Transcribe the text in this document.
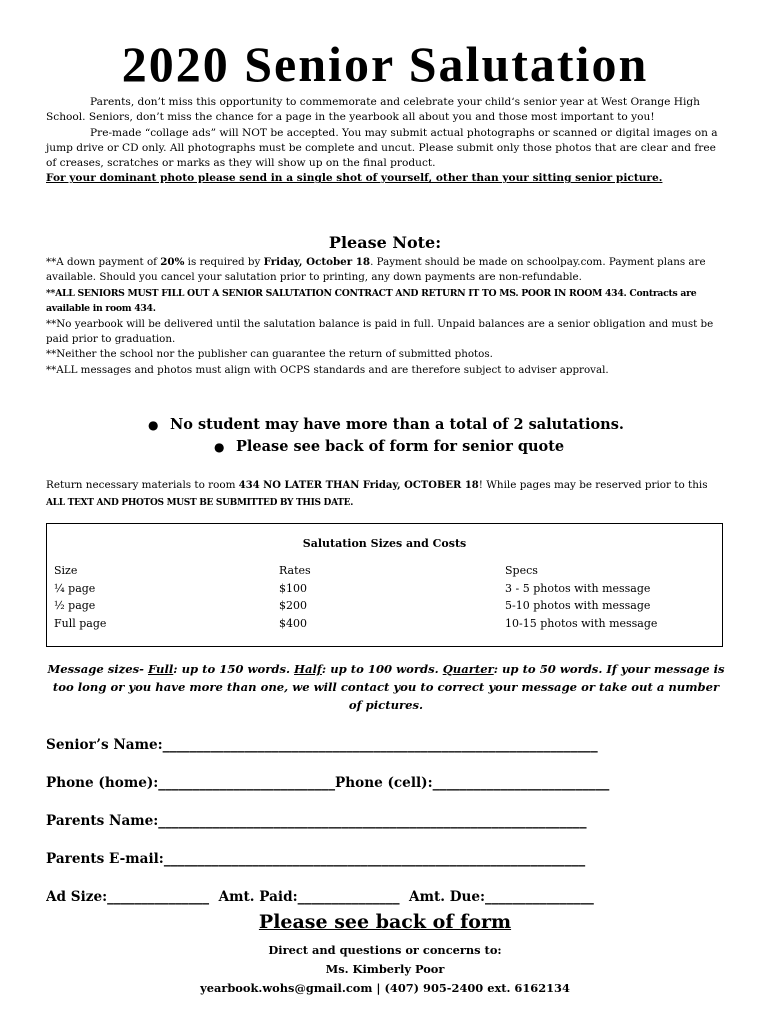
2020 Senior Salutation

Parents, don’t miss this opportunity to commemorate and celebrate your child‘s senior year at West Orange High School. Seniors, don’t miss the chance for a page in the yearbook all about you and those most important to you!

Pre-made “collage ads” will NOT be accepted. You may submit actual photographs or scanned or digital images on a jump drive or CD only. All photographs must be complete and uncut. Please submit only those photos that are clear and free of creases, scratches or marks as they will show up on the final product.

For your dominant photo please send in a single shot of yourself, other than your sitting senior picture.

Please Note:

**A down payment of 20% is required by Friday, October 18. Payment should be made on schoolpay.com. Payment plans are available. Should you cancel your salutation prior to printing, any down payments are non-refundable.

**ALL SENIORS MUST FILL OUT A SENIOR SALUTATION CONTRACT AND RETURN IT TO MS. POOR IN ROOM 434. Contracts are available in room 434.

**No yearbook will be delivered until the salutation balance is paid in full. Unpaid balances are a senior obligation and must be paid prior to graduation.

**Neither the school nor the publisher can guarantee the return of submitted photos.

**ALL messages and photos must align with OCPS standards and are therefore subject to adviser approval.

● No student may have more than a total of 2 salutations.
● Please see back of form for senior quote

Return necessary materials to room 434 NO LATER THAN Friday, OCTOBER 18! While pages may be reserved prior to this ALL TEXT AND PHOTOS MUST BE SUBMITTED BY THIS DATE.

Salutation Sizes and Costs
Size
¼ page
½ page
Full page
Rates
$100
$200
$400
Specs
3 - 5 photos with message
5-10 photos with message
10-15 photos with message

Message sizes- Full: up to 150 words. Half: up to 100 words. Quarter: up to 50 words. If your message is too long or you have more than one, we will contact you to correct your message or take out a number of pictures.

Senior’s Name:________________________________________________________________
Phone (home):__________________________Phone (cell):__________________________
Parents Name:_______________________________________________________________
Parents E-mail:______________________________________________________________
Ad Size:_______________ Amt. Paid:_______________ Amt. Due:________________
Please see back of form

Direct and questions or concerns to:

Ms. Kimberly Poor

yearbook.wohs@gmail.com | (407) 905-2400 ext. 6162134
